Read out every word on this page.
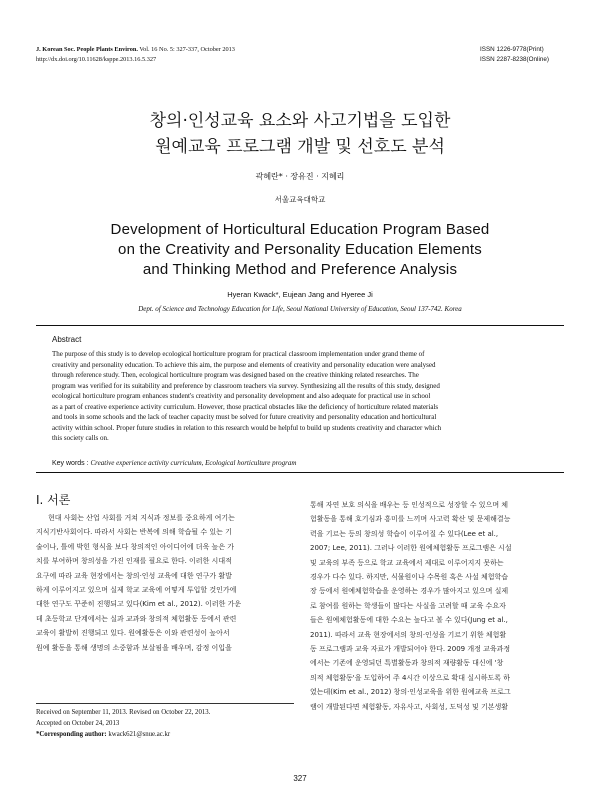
J. Korean Soc. People Plants Environ. Vol. 16 No. 5: 327-337, October 2013
http://dx.doi.org/10.11628/ksppe.2013.16.5.327
ISSN 1226-9778(Print)
ISSN 2287-8238(Online)
창의·인성교육 요소와 사고기법을 도입한
원예교육 프로그램 개발 및 선호도 분석
곽혜란* · 장유진 · 지혜리
서울교육대학교
Development of Horticultural Education Program Based
on the Creativity and Personality Education Elements
and Thinking Method and Preference Analysis
Hyeran Kwack*, Eujean Jang and Hyeree Ji
Dept. of Science and Technology Education for Life, Seoul National University of Education, Seoul 137-742. Korea
Abstract
The purpose of this study is to develop ecological horticulture program for practical classroom implementation under grand theme of
creativity and personality education. To achieve this aim, the purpose and elements of creativity and personality education were analysed
through reference study. Then, ecological horticulture program was designed based on the creative thinking related researches. The
program was verified for its suitability and preference by classroom teachers via survey. Synthesizing all the results of this study, designed
ecological horticulture program enhances student's creativity and personality development and also adequate for practical use in school
as a part of creative experience activity curriculum. However, those practical obstacles like the deficiency of horticulture related materials
and tools in some schools and the lack of teacher capacity must be solved for future creativity and personality education and horticultural
activity within school. Proper future studies in relation to this research would be helpful to build up students creativity and character which
this society calls on.
Key words : Creative experience activity curriculum, Ecological horticulture program
Ⅰ. 서론
현대 사회는 산업 사회를 거쳐 지식과 정보를 중요하게 여기는
지식기반사회이다. 따라서 사회는 반복에 의해 학습될 수 있는 기
술이나, 틀에 박힌 형식을 보다 창의적인 아이디어에 더욱 높은 가
치를 부여하며 창의성을 가진 인재를 필요로 한다. 이러한 시대적
요구에 따라 교육 현장에서는 창의·인성 교육에 대한 연구가 활발
하게 이루어지고 있으며 실제 학교 교육에 어떻게 투입할 것인가에
대한 연구도 꾸준히 진행되고 있다(Kim et al., 2012). 이러한 가운
데 초등학교 단계에서는 실과 교과와 창의적 체험활동 등에서 관련
교육이 활발히 진행되고 있다. 원예활동은 이와 관련성이 높아서
원예 활동을 통해 생명의 소중함과 보살핌을 배우며, 감정 이입을
통해 자연 보호 의식을 배우는 등 인성적으로 성장할 수 있으며 체
험활동을 통해 호기심과 흥미를 느끼며 사고력 확산 및 문제해결능
력을 기르는 등의 창의성 학습이 이루어질 수 있다(Lee et al.,
2007; Lee, 2011). 그러나 이러한 원예체험활동 프로그램은 시설
및 교육의 부족 등으로 학교 교육에서 제대로 이루어지지 못하는
경우가 다수 있다. 하지만, 식물원이나 수목원 혹은 사설 체험학습
장 등에서 원예체험학습을 운영하는 경우가 많아지고 있으며 실제
로 참여를 원하는 학생들이 많다는 사실을 고려할 때 교육 수요자
들은 원예체험활동에 대한 수요는 높다고 볼 수 있다(Jung et al.,
2011). 따라서 교육 현장에서의 창의·인성을 기르기 위한 체험활
동 프로그램과 교육 자료가 개발되어야 한다. 2009 개정 교육과정
에서는 기존에 운영되던 특별활동과 창의적 재량활동 대신에 '창
의적 체험활동'을 도입하여 주 4시간 이상으로 확대 실시하도록 하
였는데(Kim et al., 2012) 창의·인성교육을 위한 원예교육 프로그
램이 개발된다면 체험활동, 자유사고, 사회성, 도덕성 및 기본생활
Received on September 11, 2013. Revised on October 22, 2013.
Accepted on October 24, 2013
*Corresponding author: kwack621@snue.ac.kr
327
